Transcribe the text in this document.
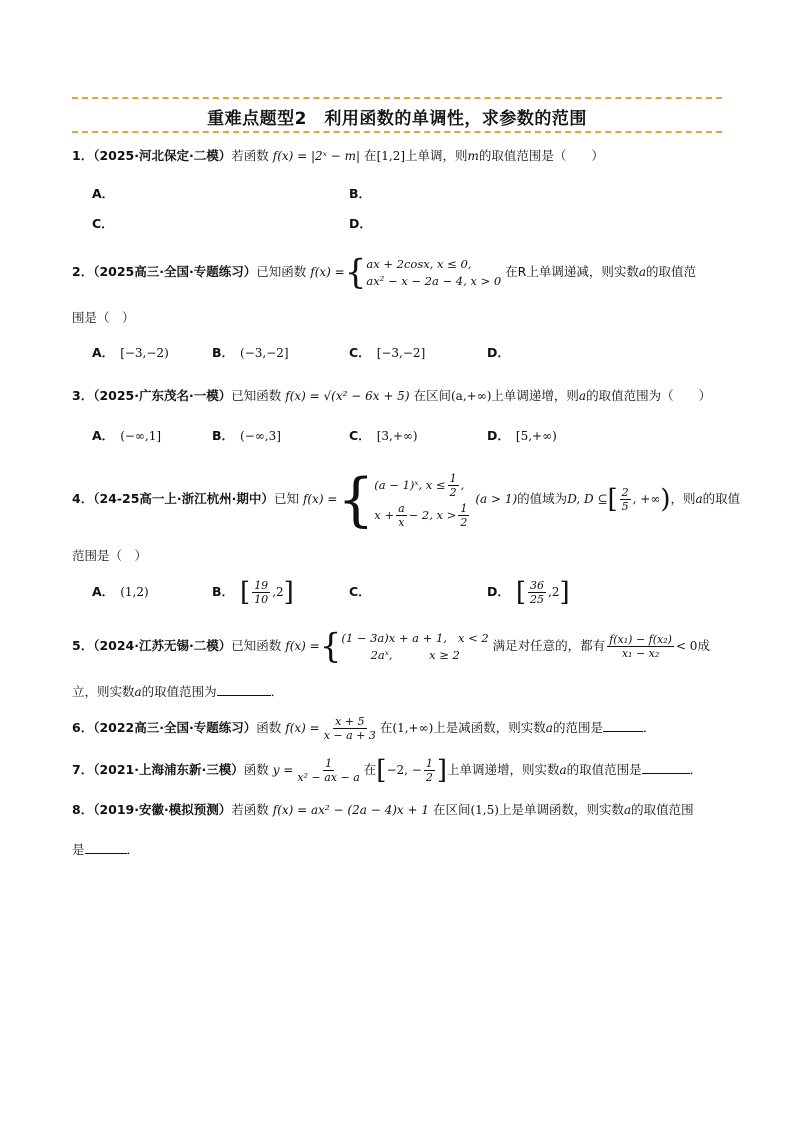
重难点题型2　利用函数的单调性，求参数的范围
1．（2025·河北保定·二模）若函数 f(x) = |2ˣ − m| 在[1,2]上单调，则m的取值范围是（　　）
A．	B．
C．	D．
2．（2025高三·全国·专题练习）已知函数 f(x) ={ ax + 2cosx, x ≤ 0,
ax² − x − 2a − 4, x > 0
在R上单调递减，则实数a的取值范
围是（　）
A． [−3,−2)	B． (−3,−2]	C． [−3,−2]	D．
3．（2025·广东茂名·一模）已知函数 f(x) = √(x² − 6x + 5) 在区间(a,+∞)上单调递增，则a的取值范围为（　　）
A． (−∞,1]	B． (−∞,3]	C． [3,+∞)	D． [5,+∞)
4．（24-25高一上·浙江杭州·期中）已知 f(x) ={ (a − 1)ˣ, $x \le \frac{1}{2}$ ,
$x + \frac{a}{x} - 2$, $x > \frac{1}{2}$
(a > 1)的值域为D, D ⊆[ $\frac{2}{5}$ , +∞)，则a的取值
范围是（　）
A． (1,2)	B． [ $\frac{19}{10} ,2$]	C．	D． [ $\frac{36}{25} ,2$]
5．（2024·江苏无锡·二模）已知函数 f(x) ={ (1 − 3a)x + a + 1, x < 2
2aˣ,	x ≥ 2
满足对任意的，都有 $\frac{\text{f(x₁) − f(x₂)}}{\text{x₁ − x₂}} < 0$成
立，则实数a的取值范围为	．
6．（2022高三·全国·专题练习）函数 $f(x) = \frac{x + 5}{x - a + 3}$ 在(1,+∞)上是减函数，则实数a的范围是	．
7．（2021·上海浦东新·三模）函数 $y = \frac{1}{\text{x² − ax − a}}$ 在[−2, − $\frac{1}{2}$ ]上单调递增，则实数a的取值范围是	．
8．（2019·安徽·模拟预测）若函数 f(x) = ax² − (2a − 4)x + 1 在区间(1,5)上是单调函数，则实数a的取值范围
是	．
